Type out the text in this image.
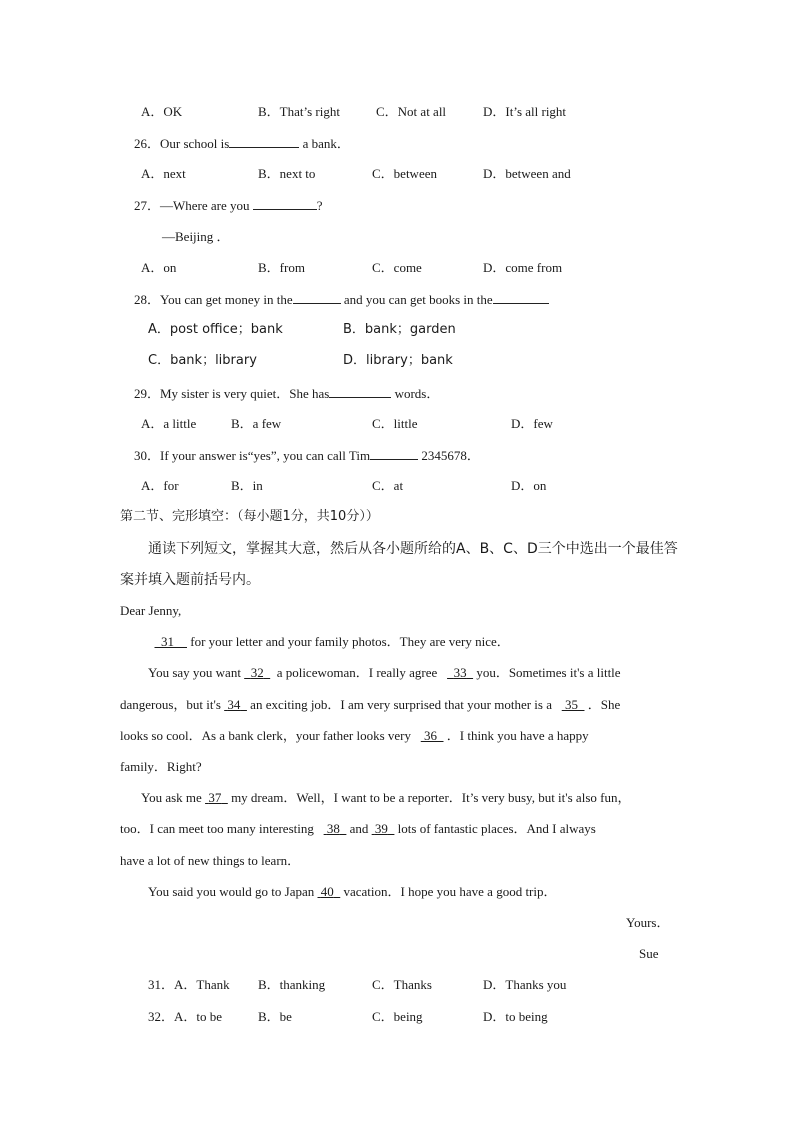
A．OK	B．That’s right	C．Not at all	D．It’s all right
26．Our school is	a bank．
A．next	B．next to	C．between	D．between and
27．—Where are you	?
—Beijing ．
A．on	B．from	C．come	D．come from
28．You can get money in the	and you can get books in the
A．post office；bank	B．bank；garden
C．bank；library	D．library；bank
29．My sister is very quiet．She has	words．
A．a little	B．a few	C．little	D．few
30．If your answer is“yes”, you can call Tim	2345678．
A．for	B．in	C．at	D．on
第二节、完形填空：（每小题1分，共10分））
通读下列短文，掌握其大意，然后从各小题所给的A、B、C、D三个中选出一个最佳答
案并填入题前括号内。
Dear Jenny,
31     for your letter and your family photos．They are very nice．
You say you want   32 a policewoman．I really agree     33   you．Sometimes it's a little
dangerous，but it's  34   an exciting job．I am very surprised that your mother is a    35 ．She
looks so cool．As a bank clerk，your father looks very    36 ．I think you have a happy
family．Right?
You ask me  37   my dream．Well，I want to be a reporter．It’s very busy, but it's also fun，
too．I can meet too many interesting    38   and  39   lots of fantastic places．And I always
have a lot of new things to learn．
You said you would go to Japan  40   vacation．I hope you have a good trip．
Yours．
Sue
31．A．Thank B．thanking	C．Thanks	D．Thanks you
32．A．to be	B．be	C．being	D．to being
